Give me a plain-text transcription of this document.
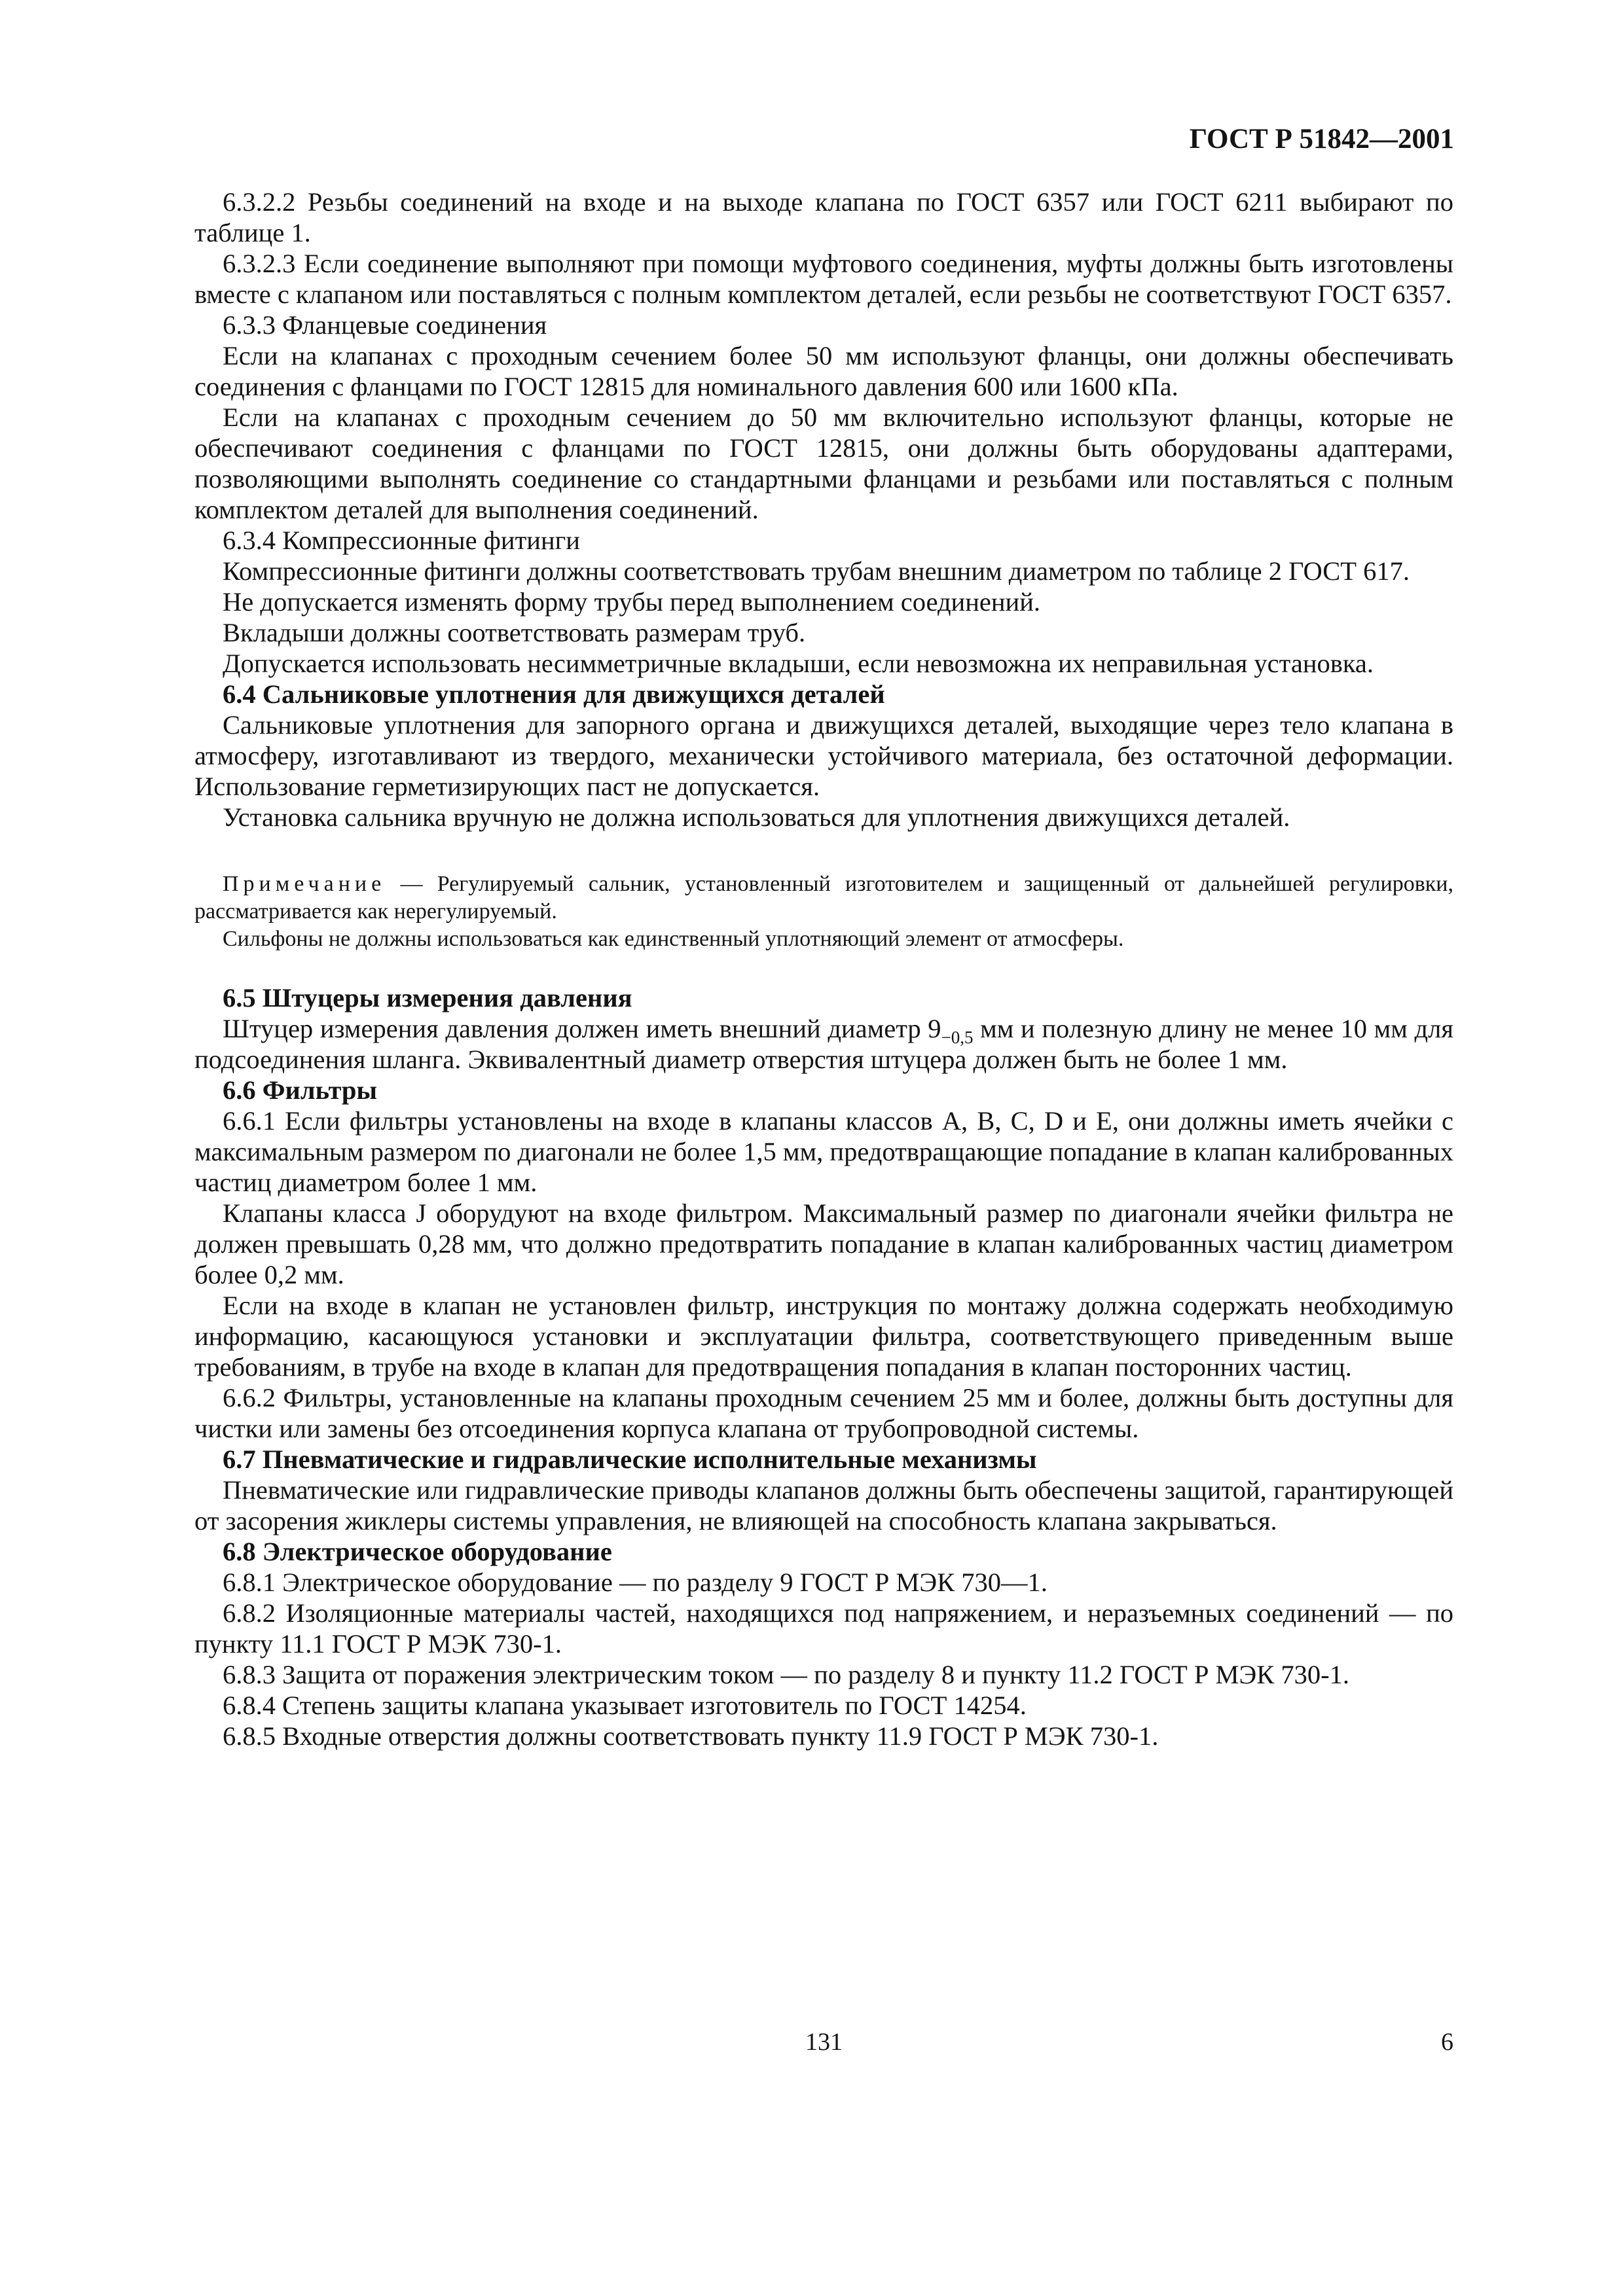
ГОСТ Р 51842—2001

6.3.2.2 Резьбы соединений на входе и на выходе клапана по ГОСТ 6357 или ГОСТ 6211 выбирают по таблице 1.

6.3.2.3 Если соединение выполняют при помощи муфтового соединения, муфты должны быть изготовлены вместе с клапаном или поставляться с полным комплектом деталей, если резьбы не соответствуют ГОСТ 6357.

6.3.3 Фланцевые соединения

Если на клапанах с проходным сечением более 50 мм используют фланцы, они должны обеспечивать соединения с фланцами по ГОСТ 12815 для номинального давления 600 или 1600 кПа.

Если на клапанах с проходным сечением до 50 мм включительно используют фланцы, которые не обеспечивают соединения с фланцами по ГОСТ 12815, они должны быть оборудованы адаптерами, позволяющими выполнять соединение со стандартными фланцами и резьбами или поставляться с полным комплектом деталей для выполнения соединений.

6.3.4 Компрессионные фитинги

Компрессионные фитинги должны соответствовать трубам внешним диаметром по таблице 2 ГОСТ 617.

Не допускается изменять форму трубы перед выполнением соединений.

Вкладыши должны соответствовать размерам труб.

Допускается использовать несимметричные вкладыши, если невозможна их неправильная установка.

6.4 Сальниковые уплотнения для движущихся деталей

Сальниковые уплотнения для запорного органа и движущихся деталей, выходящие через тело клапана в атмосферу, изготавливают из твердого, механически устойчивого материала, без остаточной деформации. Использование герметизирующих паст не допускается.

Установка сальника вручную не должна использоваться для уплотнения движущихся деталей.

Примечание — Регулируемый сальник, установленный изготовителем и защищенный от дальнейшей регулировки, рассматривается как нерегулируемый.

Сильфоны не должны использоваться как единственный уплотняющий элемент от атмосферы.

6.5 Штуцеры измерения давления

Штуцер измерения давления должен иметь внешний диаметр $9_{-0,5}$ мм и полезную длину не менее 10 мм для подсоединения шланга. Эквивалентный диаметр отверстия штуцера должен быть не более 1 мм.

6.6 Фильтры

6.6.1 Если фильтры установлены на входе в клапаны классов А, В, С, D и Е, они должны иметь ячейки с максимальным размером по диагонали не более 1,5 мм, предотвращающие попадание в клапан калиброванных частиц диаметром более 1 мм.

Клапаны класса J оборудуют на входе фильтром. Максимальный размер по диагонали ячейки фильтра не должен превышать 0,28 мм, что должно предотвратить попадание в клапан калиброванных частиц диаметром более 0,2 мм.

Если на входе в клапан не установлен фильтр, инструкция по монтажу должна содержать необходимую информацию, касающуюся установки и эксплуатации фильтра, соответствующего приведенным выше требованиям, в трубе на входе в клапан для предотвращения попадания в клапан посторонних частиц.

6.6.2 Фильтры, установленные на клапаны проходным сечением 25 мм и более, должны быть доступны для чистки или замены без отсоединения корпуса клапана от трубопроводной системы.

6.7 Пневматические и гидравлические исполнительные механизмы

Пневматические или гидравлические приводы клапанов должны быть обеспечены защитой, гарантирующей от засорения жиклеры системы управления, не влияющей на способность клапана закрываться.

6.8 Электрическое оборудование

6.8.1 Электрическое оборудование — по разделу 9 ГОСТ Р МЭК 730—1.

6.8.2 Изоляционные материалы частей, находящихся под напряжением, и неразъемных соединений — по пункту 11.1 ГОСТ Р МЭК 730-1.

6.8.3 Защита от поражения электрическим током — по разделу 8 и пункту 11.2 ГОСТ Р МЭК 730-1.

6.8.4 Степень защиты клапана указывает изготовитель по ГОСТ 14254.

6.8.5 Входные отверстия должны соответствовать пункту 11.9 ГОСТ Р МЭК 730-1.

131	6
